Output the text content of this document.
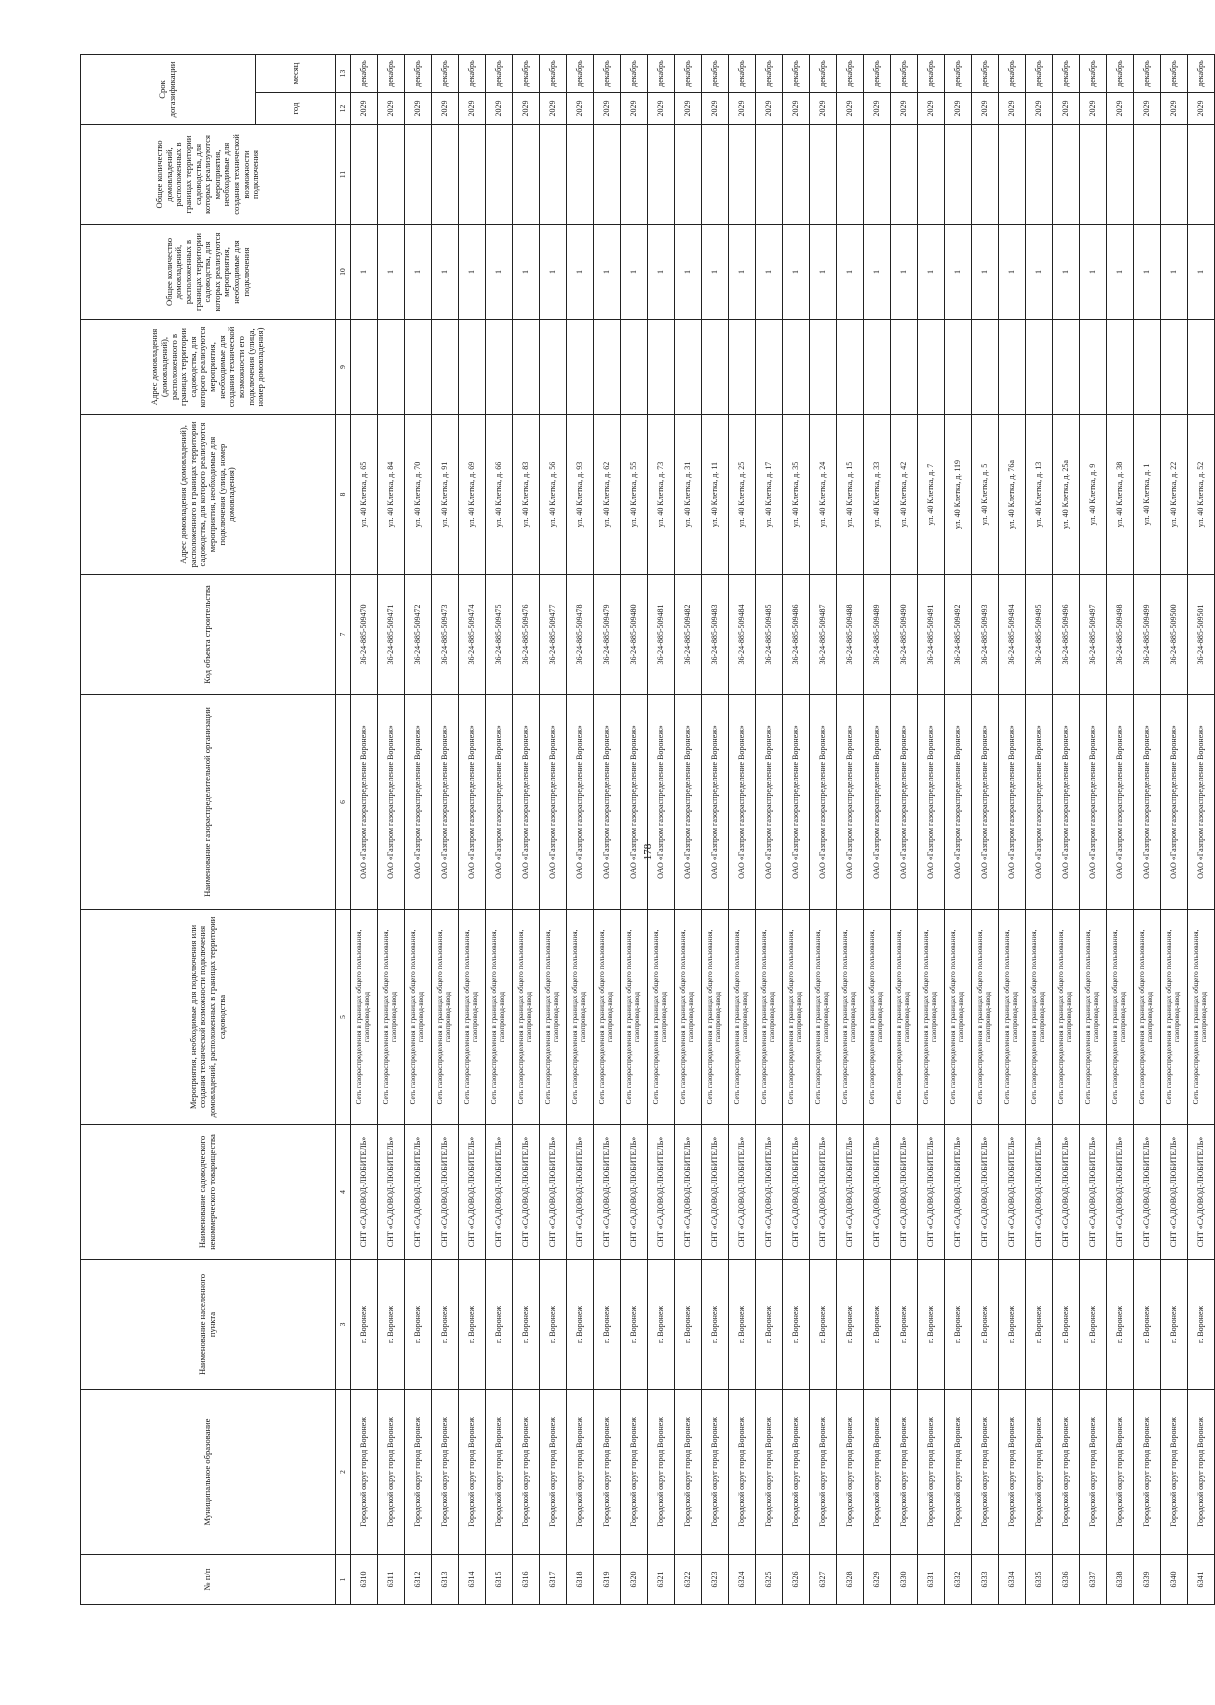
178
№ п/п	Муниципальное образование	Наименование населенного пункта	Наименование садоводческого некоммерческого товарищества	Мероприятия, необходимые для подключения или создания технической возможности подключения домовладений, расположенных в границах территории садоводства	Наименование газораспределительной организации	Код объекта строительства	Адрес домовладения (домовладений), расположенного в границах территории садоводства, для которого реализуются мероприятия, необходимые для подключения (улица, номер домовладения)	Адрес домовладения (домовладений), расположенного в границах территории садоводства, для которого реализуются мероприятия, необходимые для создания технической возможности его подключения (улица, номер домовладения)	Общее количество домовладений, расположенных в границах территории садоводства, для которых реализуются мероприятия, необходимые для подключения	Общее количество домовладений, расположенных в границах территории садоводства, для которых реализуются мероприятия, необходимые для создания технической возможности подключения	Срок догазификации	
											год	месяц
1	2	3	4	5	6	7	8	9	10	11	12	13
6310	Городской округ город Воронеж	г. Воронеж	СНТ «САДОВОД-ЛЮБИТЕЛЬ»	Сеть газораспределения в границах общего пользования, газопровод-ввод	ОАО «Газпром газораспределение Воронеж»	36-24-885-509470	ул. 40 Клетка, д. 65		1		2029	декабрь
6311	Городской округ город Воронеж	г. Воронеж	СНТ «САДОВОД-ЛЮБИТЕЛЬ»	Сеть газораспределения в границах общего пользования, газопровод-ввод	ОАО «Газпром газораспределение Воронеж»	36-24-885-509471	ул. 40 Клетка, д. 84		1		2029	декабрь
6312	Городской округ город Воронеж	г. Воронеж	СНТ «САДОВОД-ЛЮБИТЕЛЬ»	Сеть газораспределения в границах общего пользования, газопровод-ввод	ОАО «Газпром газораспределение Воронеж»	36-24-885-509472	ул. 40 Клетка, д. 70		1		2029	декабрь
6313	Городской округ город Воронеж	г. Воронеж	СНТ «САДОВОД-ЛЮБИТЕЛЬ»	Сеть газораспределения в границах общего пользования, газопровод-ввод	ОАО «Газпром газораспределение Воронеж»	36-24-885-509473	ул. 40 Клетка, д. 91		1		2029	декабрь
6314	Городской округ город Воронеж	г. Воронеж	СНТ «САДОВОД-ЛЮБИТЕЛЬ»	Сеть газораспределения в границах общего пользования, газопровод-ввод	ОАО «Газпром газораспределение Воронеж»	36-24-885-509474	ул. 40 Клетка, д. 69		1		2029	декабрь
6315	Городской округ город Воронеж	г. Воронеж	СНТ «САДОВОД-ЛЮБИТЕЛЬ»	Сеть газораспределения в границах общего пользования, газопровод-ввод	ОАО «Газпром газораспределение Воронеж»	36-24-885-509475	ул. 40 Клетка, д. 66		1		2029	декабрь
6316	Городской округ город Воронеж	г. Воронеж	СНТ «САДОВОД-ЛЮБИТЕЛЬ»	Сеть газораспределения в границах общего пользования, газопровод-ввод	ОАО «Газпром газораспределение Воронеж»	36-24-885-509476	ул. 40 Клетка, д. 83		1		2029	декабрь
6317	Городской округ город Воронеж	г. Воронеж	СНТ «САДОВОД-ЛЮБИТЕЛЬ»	Сеть газораспределения в границах общего пользования, газопровод-ввод	ОАО «Газпром газораспределение Воронеж»	36-24-885-509477	ул. 40 Клетка, д. 56		1		2029	декабрь
6318	Городской округ город Воронеж	г. Воронеж	СНТ «САДОВОД-ЛЮБИТЕЛЬ»	Сеть газораспределения в границах общего пользования, газопровод-ввод	ОАО «Газпром газораспределение Воронеж»	36-24-885-509478	ул. 40 Клетка, д. 93		1		2029	декабрь
6319	Городской округ город Воронеж	г. Воронеж	СНТ «САДОВОД-ЛЮБИТЕЛЬ»	Сеть газораспределения в границах общего пользования, газопровод-ввод	ОАО «Газпром газораспределение Воронеж»	36-24-885-509479	ул. 40 Клетка, д. 62		1		2029	декабрь
6320	Городской округ город Воронеж	г. Воронеж	СНТ «САДОВОД-ЛЮБИТЕЛЬ»	Сеть газораспределения в границах общего пользования, газопровод-ввод	ОАО «Газпром газораспределение Воронеж»	36-24-885-509480	ул. 40 Клетка, д. 55		1		2029	декабрь
6321	Городской округ город Воронеж	г. Воронеж	СНТ «САДОВОД-ЛЮБИТЕЛЬ»	Сеть газораспределения в границах общего пользования, газопровод-ввод	ОАО «Газпром газораспределение Воронеж»	36-24-885-509481	ул. 40 Клетка, д. 73		1		2029	декабрь
6322	Городской округ город Воронеж	г. Воронеж	СНТ «САДОВОД-ЛЮБИТЕЛЬ»	Сеть газораспределения в границах общего пользования, газопровод-ввод	ОАО «Газпром газораспределение Воронеж»	36-24-885-509482	ул. 40 Клетка, д. 31		1		2029	декабрь
6323	Городской округ город Воронеж	г. Воронеж	СНТ «САДОВОД-ЛЮБИТЕЛЬ»	Сеть газораспределения в границах общего пользования, газопровод-ввод	ОАО «Газпром газораспределение Воронеж»	36-24-885-509483	ул. 40 Клетка, д. 11		1		2029	декабрь
6324	Городской округ город Воронеж	г. Воронеж	СНТ «САДОВОД-ЛЮБИТЕЛЬ»	Сеть газораспределения в границах общего пользования, газопровод-ввод	ОАО «Газпром газораспределение Воронеж»	36-24-885-509484	ул. 40 Клетка, д. 25		1		2029	декабрь
6325	Городской округ город Воронеж	г. Воронеж	СНТ «САДОВОД-ЛЮБИТЕЛЬ»	Сеть газораспределения в границах общего пользования, газопровод-ввод	ОАО «Газпром газораспределение Воронеж»	36-24-885-509485	ул. 40 Клетка, д. 17		1		2029	декабрь
6326	Городской округ город Воронеж	г. Воронеж	СНТ «САДОВОД-ЛЮБИТЕЛЬ»	Сеть газораспределения в границах общего пользования, газопровод-ввод	ОАО «Газпром газораспределение Воронеж»	36-24-885-509486	ул. 40 Клетка, д. 35		1		2029	декабрь
6327	Городской округ город Воронеж	г. Воронеж	СНТ «САДОВОД-ЛЮБИТЕЛЬ»	Сеть газораспределения в границах общего пользования, газопровод-ввод	ОАО «Газпром газораспределение Воронеж»	36-24-885-509487	ул. 40 Клетка, д. 24		1		2029	декабрь
6328	Городской округ город Воронеж	г. Воронеж	СНТ «САДОВОД-ЛЮБИТЕЛЬ»	Сеть газораспределения в границах общего пользования, газопровод-ввод	ОАО «Газпром газораспределение Воронеж»	36-24-885-509488	ул. 40 Клетка, д. 15		1		2029	декабрь
6329	Городской округ город Воронеж	г. Воронеж	СНТ «САДОВОД-ЛЮБИТЕЛЬ»	Сеть газораспределения в границах общего пользования, газопровод-ввод	ОАО «Газпром газораспределение Воронеж»	36-24-885-509489	ул. 40 Клетка, д. 33		1		2029	декабрь
6330	Городской округ город Воронеж	г. Воронеж	СНТ «САДОВОД-ЛЮБИТЕЛЬ»	Сеть газораспределения в границах общего пользования, газопровод-ввод	ОАО «Газпром газораспределение Воронеж»	36-24-885-509490	ул. 40 Клетка, д. 42		1		2029	декабрь
6331	Городской округ город Воронеж	г. Воронеж	СНТ «САДОВОД-ЛЮБИТЕЛЬ»	Сеть газораспределения в границах общего пользования, газопровод-ввод	ОАО «Газпром газораспределение Воронеж»	36-24-885-509491	ул. 40 Клетка, д. 7		1		2029	декабрь
6332	Городской округ город Воронеж	г. Воронеж	СНТ «САДОВОД-ЛЮБИТЕЛЬ»	Сеть газораспределения в границах общего пользования, газопровод-ввод	ОАО «Газпром газораспределение Воронеж»	36-24-885-509492	ул. 40 Клетка, д. 119		1		2029	декабрь
6333	Городской округ город Воронеж	г. Воронеж	СНТ «САДОВОД-ЛЮБИТЕЛЬ»	Сеть газораспределения в границах общего пользования, газопровод-ввод	ОАО «Газпром газораспределение Воронеж»	36-24-885-509493	ул. 40 Клетка, д. 5		1		2029	декабрь
6334	Городской округ город Воронеж	г. Воронеж	СНТ «САДОВОД-ЛЮБИТЕЛЬ»	Сеть газораспределения в границах общего пользования, газопровод-ввод	ОАО «Газпром газораспределение Воронеж»	36-24-885-509494	ул. 40 Клетка, д. 76а		1		2029	декабрь
6335	Городской округ город Воронеж	г. Воронеж	СНТ «САДОВОД-ЛЮБИТЕЛЬ»	Сеть газораспределения в границах общего пользования, газопровод-ввод	ОАО «Газпром газораспределение Воронеж»	36-24-885-509495	ул. 40 Клетка, д. 13		1		2029	декабрь
6336	Городской округ город Воронеж	г. Воронеж	СНТ «САДОВОД-ЛЮБИТЕЛЬ»	Сеть газораспределения в границах общего пользования, газопровод-ввод	ОАО «Газпром газораспределение Воронеж»	36-24-885-509496	ул. 40 Клетка, д. 25а		1		2029	декабрь
6337	Городской округ город Воронеж	г. Воронеж	СНТ «САДОВОД-ЛЮБИТЕЛЬ»	Сеть газораспределения в границах общего пользования, газопровод-ввод	ОАО «Газпром газораспределение Воронеж»	36-24-885-509497	ул. 40 Клетка, д. 9		1		2029	декабрь
6338	Городской округ город Воронеж	г. Воронеж	СНТ «САДОВОД-ЛЮБИТЕЛЬ»	Сеть газораспределения в границах общего пользования, газопровод-ввод	ОАО «Газпром газораспределение Воронеж»	36-24-885-509498	ул. 40 Клетка, д. 38		1		2029	декабрь
6339	Городской округ город Воронеж	г. Воронеж	СНТ «САДОВОД-ЛЮБИТЕЛЬ»	Сеть газораспределения в границах общего пользования, газопровод-ввод	ОАО «Газпром газораспределение Воронеж»	36-24-885-509499	ул. 40 Клетка, д. 1		1		2029	декабрь
6340	Городской округ город Воронеж	г. Воронеж	СНТ «САДОВОД-ЛЮБИТЕЛЬ»	Сеть газораспределения в границах общего пользования, газопровод-ввод	ОАО «Газпром газораспределение Воронеж»	36-24-885-509500	ул. 40 Клетка, д. 22		1		2029	декабрь
6341	Городской округ город Воронеж	г. Воронеж	СНТ «САДОВОД-ЛЮБИТЕЛЬ»	Сеть газораспределения в границах общего пользования, газопровод-ввод	ОАО «Газпром газораспределение Воронеж»	36-24-885-509501	ул. 40 Клетка, д. 52		1		2029	декабрь
